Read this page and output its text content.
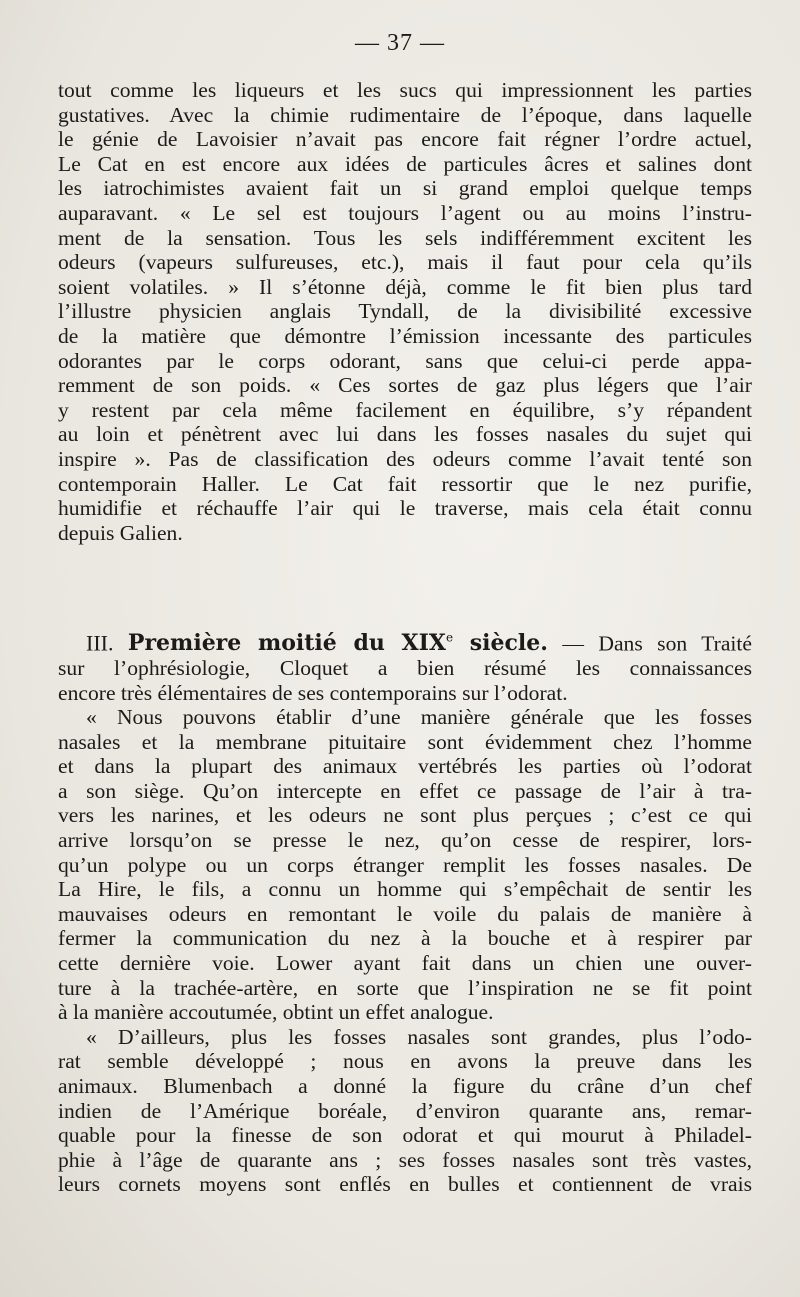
— 37 —

tout comme les liqueurs et les sucs qui impressionnent les parties

gustatives. Avec la chimie rudimentaire de l’époque, dans laquelle

le génie de Lavoisier n’avait pas encore fait régner l’ordre actuel,

Le Cat en est encore aux idées de particules âcres et salines dont

les iatrochimistes avaient fait un si grand emploi quelque temps

auparavant. « Le sel est toujours l’agent ou au moins l’instru-

ment de la sensation. Tous les sels indifféremment excitent les

odeurs (vapeurs sulfureuses, etc.), mais il faut pour cela qu’ils

soient volatiles. » Il s’étonne déjà, comme le fit bien plus tard

l’illustre physicien anglais Tyndall, de la divisibilité excessive

de la matière que démontre l’émission incessante des particules

odorantes par le corps odorant, sans que celui-ci perde appa-

remment de son poids. « Ces sortes de gaz plus légers que l’air

y restent par cela même facilement en équilibre, s’y répandent

au loin et pénètrent avec lui dans les fosses nasales du sujet qui

inspire ». Pas de classification des odeurs comme l’avait tenté son

contemporain Haller. Le Cat fait ressortir que le nez purifie,

humidifie et réchauffe l’air qui le traverse, mais cela était connu

depuis Galien.

III. Première moitié du XIXe siècle. — Dans son Traité

sur l’ophrésiologie, Cloquet a bien résumé les connaissances

encore très élémentaires de ses contemporains sur l’odorat.

« Nous pouvons établir d’une manière générale que les fosses

nasales et la membrane pituitaire sont évidemment chez l’homme

et dans la plupart des animaux vertébrés les parties où l’odorat

a son siège. Qu’on intercepte en effet ce passage de l’air à tra-

vers les narines, et les odeurs ne sont plus perçues ; c’est ce qui

arrive lorsqu’on se presse le nez, qu’on cesse de respirer, lors-

qu’un polype ou un corps étranger remplit les fosses nasales. De

La Hire, le fils, a connu un homme qui s’empêchait de sentir les

mauvaises odeurs en remontant le voile du palais de manière à

fermer la communication du nez à la bouche et à respirer par

cette dernière voie. Lower ayant fait dans un chien une ouver-

ture à la trachée-artère, en sorte que l’inspiration ne se fit point

à la manière accoutumée, obtint un effet analogue.

« D’ailleurs, plus les fosses nasales sont grandes, plus l’odo-

rat semble développé ; nous en avons la preuve dans les

animaux. Blumenbach a donné la figure du crâne d’un chef

indien de l’Amérique boréale, d’environ quarante ans, remar-

quable pour la finesse de son odorat et qui mourut à Philadel-

phie à l’âge de quarante ans ; ses fosses nasales sont très vastes,

leurs cornets moyens sont enflés en bulles et contiennent de vrais
